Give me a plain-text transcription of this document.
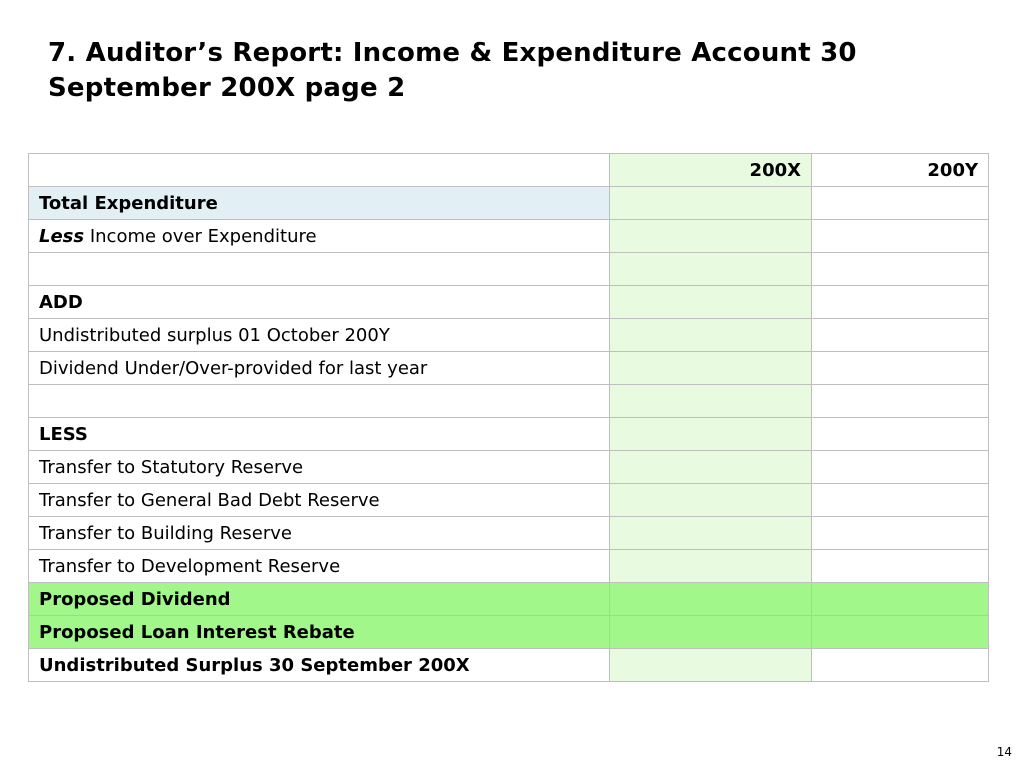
7. Auditor’s Report: Income & Expenditure Account 30 September 200X page 2
	200X	200Y
Total Expenditure		
Less Income over Expenditure		

ADD		
Undistributed surplus 01 October 200Y		
Dividend Under/Over-provided for last year		

LESS		
Transfer to Statutory Reserve		
Transfer to General Bad Debt Reserve		
Transfer to Building Reserve		
Transfer to Development Reserve		
Proposed Dividend		
Proposed Loan Interest Rebate		
Undistributed Surplus 30 September 200X		
14
